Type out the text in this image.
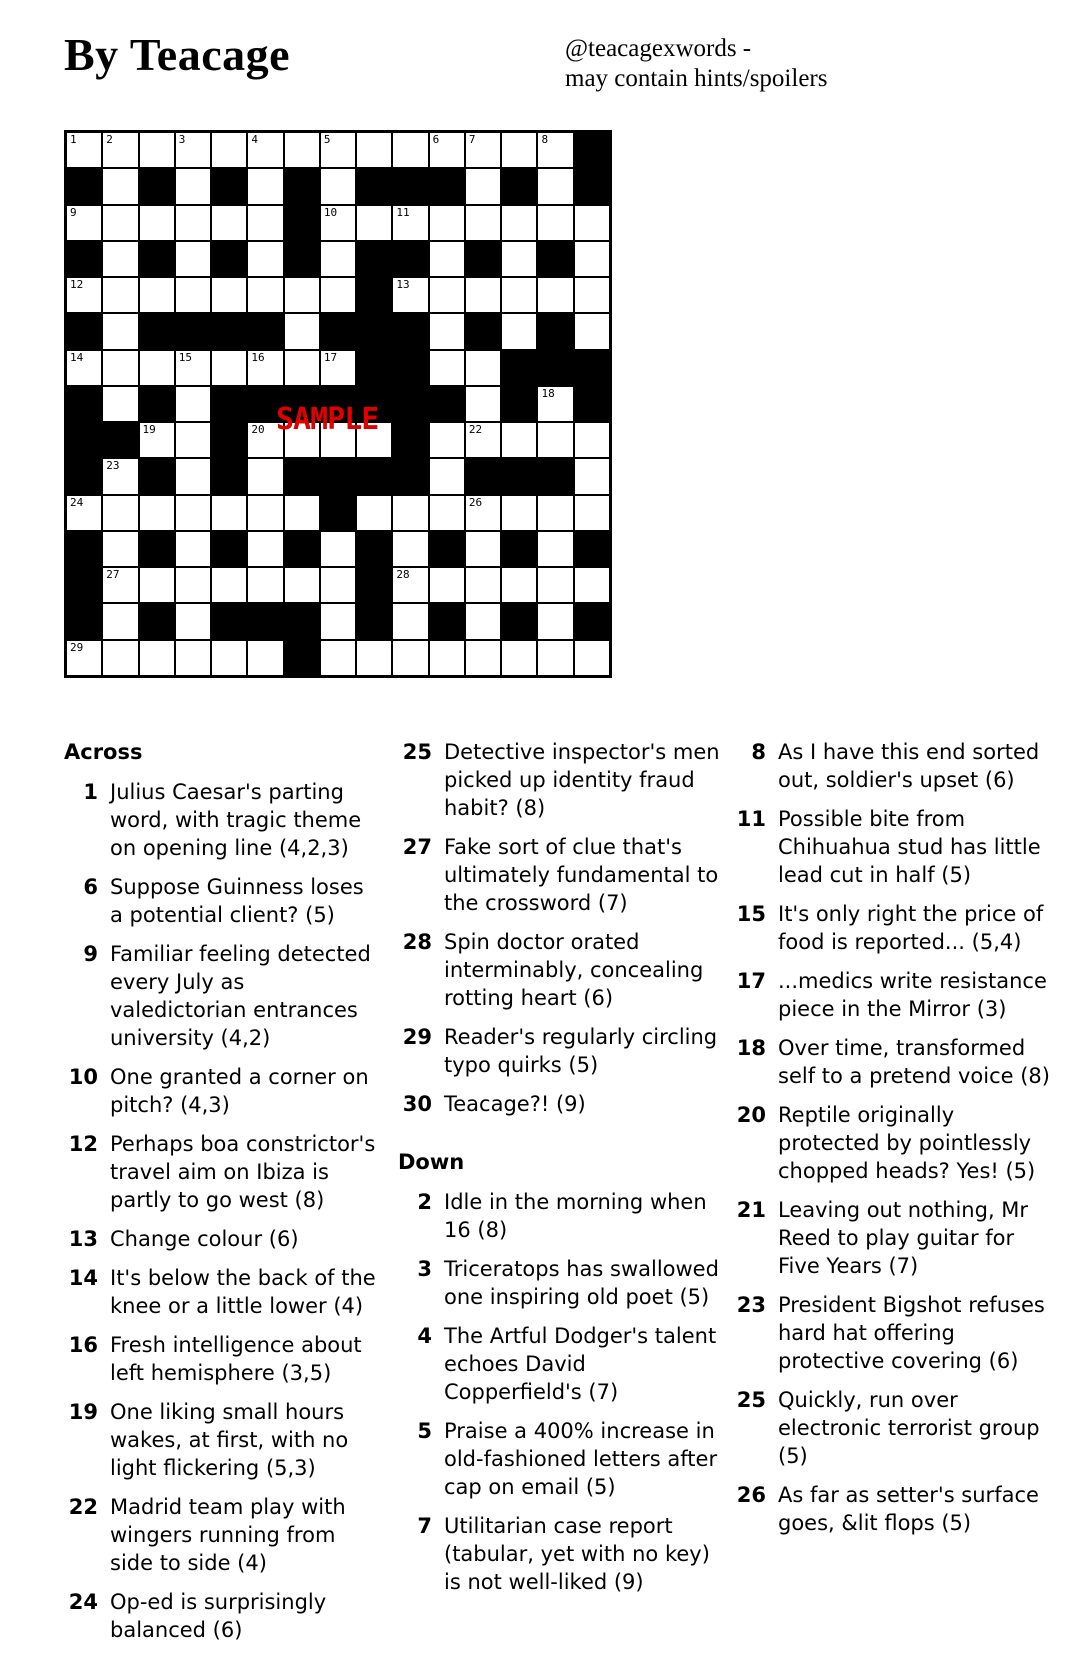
By Teacage	@teacagexwords -
may contain hints/spoilers
1	2	3	4	5	6	7	8
9	10	11
12	13
14	15	16	17
18
19	20	22
23
24	26
27	28
29
SAMPLE
Across
1 Julius Caesar's parting word, with tragic theme on opening line (4,2,3)
6 Suppose Guinness loses a potential client? (5)
9 Familiar feeling detected every July as valedictorian entrances university (4,2)
10 One granted a corner on pitch? (4,3)
12 Perhaps boa constrictor's travel aim on Ibiza is partly to go west (8)
13 Change colour (6)
14 It's below the back of the knee or a little lower (4)
16 Fresh intelligence about left hemisphere (3,5)
19 One liking small hours wakes, at first, with no light flickering (5,3)
22 Madrid team play with wingers running from side to side (4)
24 Op-ed is surprisingly balanced (6)
25 Detective inspector's men picked up identity fraud habit? (8)
27 Fake sort of clue that's ultimately fundamental to the crossword (7)
28 Spin doctor orated interminably, concealing rotting heart (6)
29 Reader's regularly circling typo quirks (5)
30 Teacage?! (9)
Down
2 Idle in the morning when 16 (8)
3 Triceratops has swallowed one inspiring old poet (5)
4 The Artful Dodger's talent echoes David Copperfield's (7)
5 Praise a 400% increase in old-fashioned letters after cap on email (5)
7 Utilitarian case report (tabular, yet with no key) is not well-liked (9)
8 As I have this end sorted out, soldier's upset (6)
11 Possible bite from Chihuahua stud has little lead cut in half (5)
15 It's only right the price of food is reported... (5,4)
17 ...medics write resistance piece in the Mirror (3)
18 Over time, transformed self to a pretend voice (8)
20 Reptile originally protected by pointlessly chopped heads? Yes! (5)
21 Leaving out nothing, Mr Reed to play guitar for Five Years (7)
23 President Bigshot refuses hard hat offering protective covering (6)
25 Quickly, run over electronic terrorist group (5)
26 As far as setter's surface goes, &lit flops (5)
